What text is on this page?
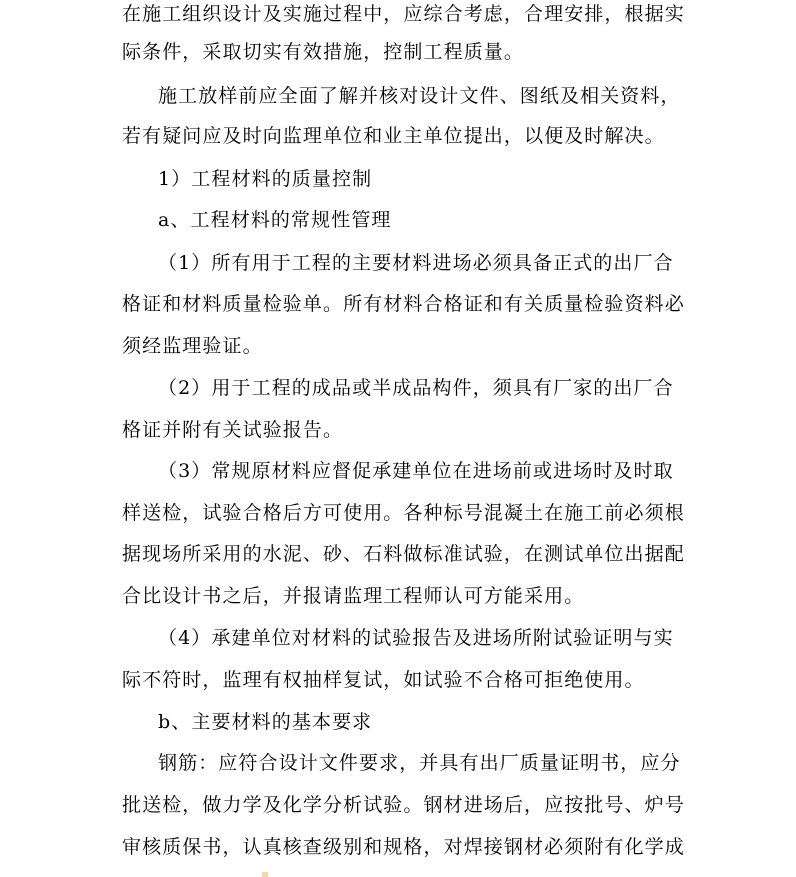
在施工组织设计及实施过程中，应综合考虑，合理安排，根据实
际条件，采取切实有效措施，控制工程质量。
施工放样前应全面了解并核对设计文件、图纸及相关资料，
若有疑问应及时向监理单位和业主单位提出，以便及时解决。
1）工程材料的质量控制
a、工程材料的常规性管理
（1）所有用于工程的主要材料进场必须具备正式的出厂合
格证和材料质量检验单。所有材料合格证和有关质量检验资料必
须经监理验证。
（2）用于工程的成品或半成品构件，须具有厂家的出厂合
格证并附有关试验报告。
（3）常规原材料应督促承建单位在进场前或进场时及时取
样送检，试验合格后方可使用。各种标号混凝土在施工前必须根
据现场所采用的水泥、砂、石料做标准试验，在测试单位出据配
合比设计书之后，并报请监理工程师认可方能采用。
（4）承建单位对材料的试验报告及进场所附试验证明与实
际不符时，监理有权抽样复试，如试验不合格可拒绝使用。
b、主要材料的基本要求
钢筋：应符合设计文件要求，并具有出厂质量证明书，应分
批送检，做力学及化学分析试验。钢材进场后，应按批号、炉号
审核质保书，认真核查级别和规格，对焊接钢材必须附有化学成
